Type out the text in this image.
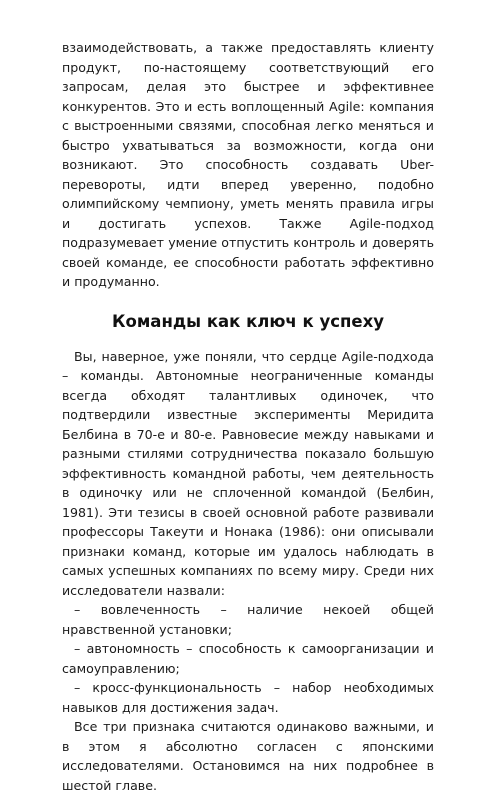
взаимодействовать, а также предоставлять клиенту продукт, по-настоящему соответствующий его запросам, делая это быстрее и эффективнее конкурентов. Это и есть воплощенный Agile: компания с выстроенными связями, способная легко меняться и быстро ухватываться за возможности, когда они возникают. Это способность создавать Uber-перевороты, идти вперед уверенно, подобно олимпийскому чемпиону, уметь менять правила игры и достигать успехов. Также Agile-подход подразумевает умение отпустить контроль и доверять своей команде, ее способности работать эффективно и продуманно.

Команды как ключ к успеху

Вы, наверное, уже поняли, что сердце Agile-подхода – команды. Автономные неограниченные команды всегда обходят талантливых одиночек, что подтвердили известные эксперименты Меридита Белбина в 70-е и 80-е. Равновесие между навыками и разными стилями сотрудничества показало большую эффективность командной работы, чем деятельность в одиночку или не сплоченной командой (Белбин, 1981). Эти тезисы в своей основной работе развивали профессоры Такеути и Нонака (1986): они описывали признаки команд, которые им удалось наблюдать в самых успешных компаниях по всему миру. Среди них исследователи назвали:

– вовлеченность – наличие некоей общей нравственной установки;
– автономность – способность к самоорганизации и самоуправлению;
– кросс-функциональность – набор необходимых навыков для достижения задач.

Все три признака считаются одинаково важными, и в этом я абсолютно согласен с японскими исследователями. Остановимся на них подробнее в шестой главе.
